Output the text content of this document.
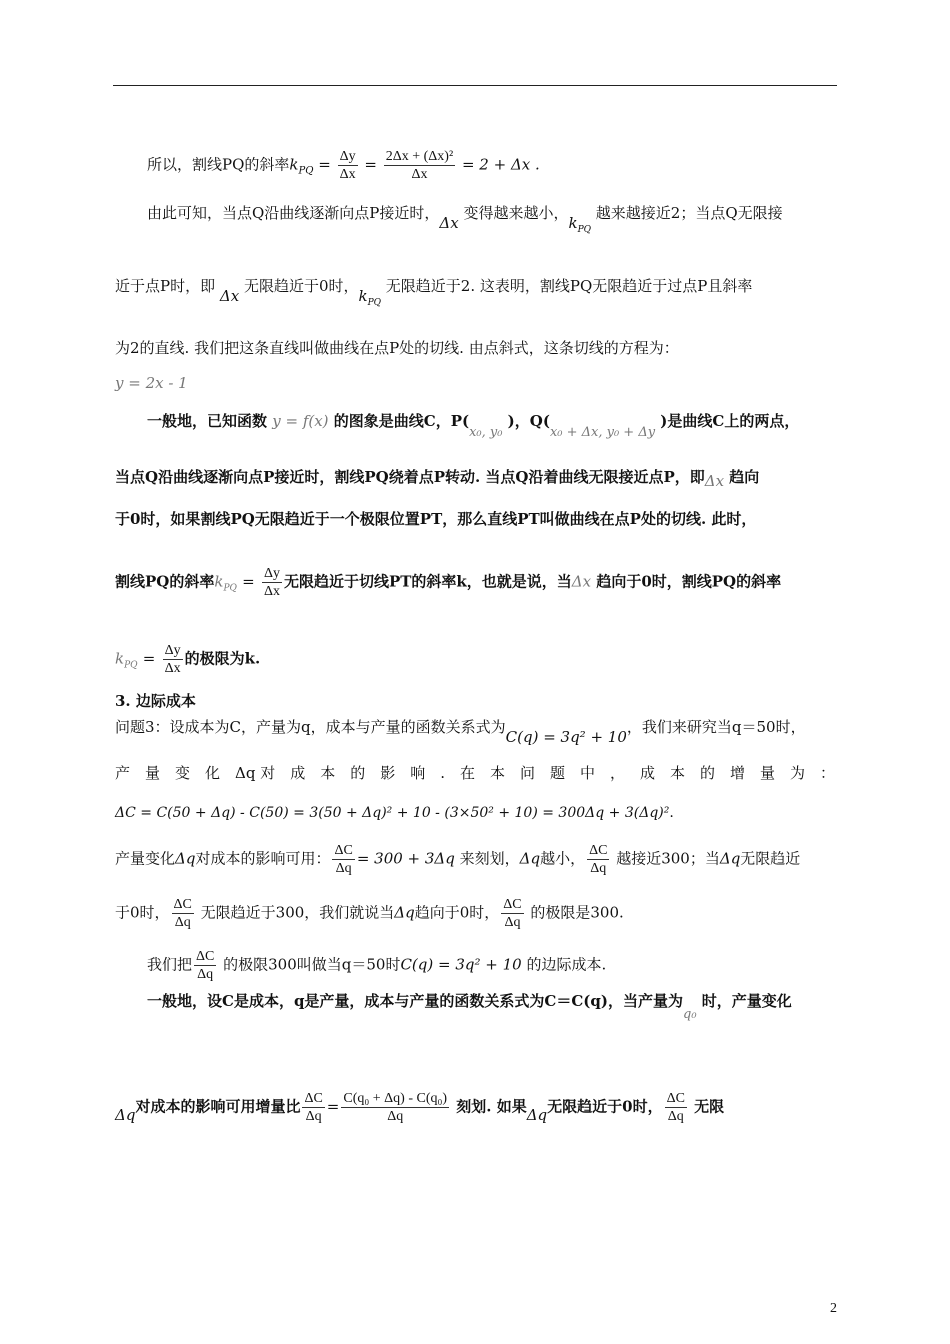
所以，割线PQ的斜率$k_{PQ} = \frac{\Delta y}{\Delta x} = \frac{\text{2Δx + (Δx)²}}{\Delta x} = 2 + \Delta x$ .
由此可知，当点Q沿曲线逐渐向点P接近时，Δx 变得越来越小，$k_{PQ}$ 越来越接近2；当点Q无限接
近于点P时，即 Δx 无限趋近于0时，$k_{PQ}$ 无限趋近于2. 这表明，割线PQ无限趋近于过点P且斜率
为2的直线. 我们把这条直线叫做曲线在点P处的切线. 由点斜式，这条切线的方程为：
y = 2x - 1
一般地，已知函数 y = f(x) 的图象是曲线C，P(x₀, y₀ )，Q(x₀ + Δx, y₀ + Δy )是曲线C上的两点，
当点Q沿曲线逐渐向点P接近时，割线PQ绕着点P转动. 当点Q沿着曲线无限接近点P，即Δx 趋向
于0时，如果割线PQ无限趋近于一个极限位置PT，那么直线PT叫做曲线在点P处的切线. 此时，
割线PQ的斜率$k_{PQ} = \frac{\Delta y}{\Delta x}$ 无限趋近于切线PT的斜率k，也就是说，当Δx 趋向于0时，割线PQ的斜率
$k_{PQ} = \frac{\Delta y}{\Delta x}$ 的极限为k.
3. 边际成本
问题3：设成本为C，产量为q，成本与产量的函数关系式为C(q) = 3q² + 10，我们来研究当q＝50时，
产 量 变 化 Δq 对 成 本 的 影 响 . 在 本 问 题 中 ， 成 本 的 增 量 为 ：
ΔC = C(50 + Δq) - C(50) = 3(50 + Δq)² + 10 - (3×50² + 10) = 300Δq + 3(Δq)².
产量变化Δq对成本的影响可用： $\frac{\Delta C}{\Delta q} = 300 + 3\Delta q$ 来刻划，Δq越小， $\frac{\Delta C}{\Delta q}$ 越接近300；当Δq无限趋近
于0时， $\frac{\Delta C}{\Delta q}$ 无限趋近于300，我们就说当Δq趋向于0时， $\frac{\Delta C}{\Delta q}$ 的极限是300.
我们把 $\frac{\Delta C}{\Delta q}$ 的极限300叫做当q＝50时C(q) = 3q² + 10 的边际成本.
一般地，设C是成本，q是产量，成本与产量的函数关系式为C＝C(q)，当产量为q₀ 时，产量变化
Δq对成本的影响可用增量比 $\frac{\Delta C}{\Delta q} = \frac{\text{C(q₀ + Δq) - C(q₀)}}{\Delta q}$ 刻划. 如果Δq无限趋近于0时， $\frac{\Delta C}{\Delta q}$ 无限
2
